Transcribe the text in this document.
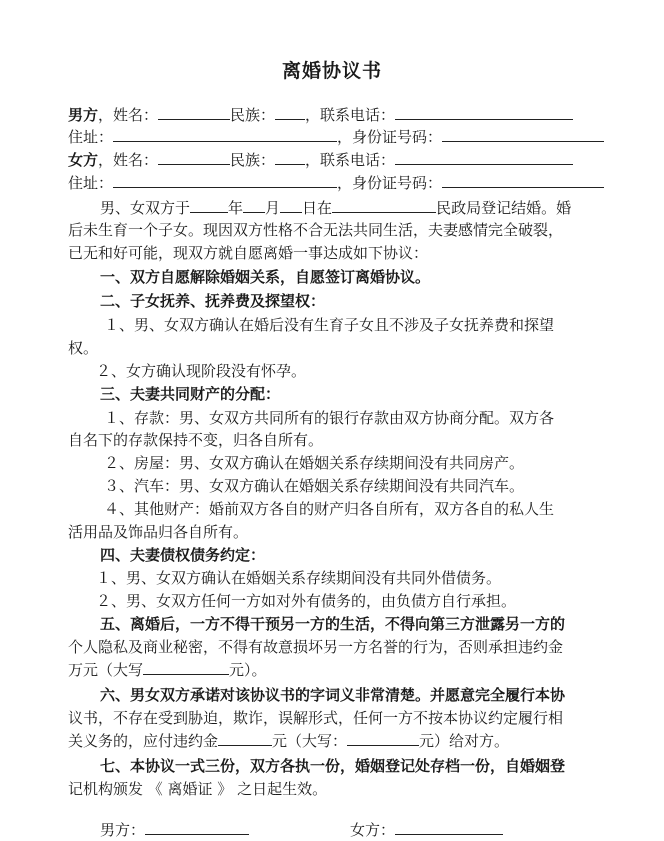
离婚协议书
男方，姓名：	民族： ，联系电话：
住址：	，身份证号码：
女方，姓名：	民族： ，联系电话：
住址：	，身份证号码：
男、女双方于	年 月 日在	民政局登记结婚。婚
后未生育一个子女。现因双方性格不合无法共同生活，夫妻感情完全破裂，
已无和好可能，现双方就自愿离婚一事达成如下协议：
一、双方自愿解除婚姻关系，自愿签订离婚协议。
二、子女抚养、抚养费及探望权：
１、男、女双方确认在婚后没有生育子女且不涉及子女抚养费和探望
权。
２、女方确认现阶段没有怀孕。
三、夫妻共同财产的分配：
１、存款：男、女双方共同所有的银行存款由双方协商分配。双方各
自名下的存款保持不变，归各自所有。
２、房屋：男、女双方确认在婚姻关系存续期间没有共同房产。
３、汽车：男、女双方确认在婚姻关系存续期间没有共同汽车。
４、其他财产：婚前双方各自的财产归各自所有，双方各自的私人生
活用品及饰品归各自所有。
四、夫妻债权债务约定：
１、男、女双方确认在婚姻关系存续期间没有共同外借债务。
２、男、女双方任何一方如对外有债务的，由负债方自行承担。
五、离婚后，一方不得干预另一方的生活，不得向第三方泄露另一方的
个人隐私及商业秘密，不得有故意损坏另一方名誉的行为，否则承担违约金
万元（大写	元）。
六、男女双方承诺对该协议书的字词义非常清楚。并愿意完全履行本协
议书，不存在受到胁迫，欺诈，误解形式，任何一方不按本协议约定履行相
关义务的，应付违约金	元（大写：	元）给对方。
七、本协议一式三份，双方各执一份，婚姻登记处存档一份，自婚姻登
记机构颁发 《 离婚证 》 之日起生效。
男方：	女方：
